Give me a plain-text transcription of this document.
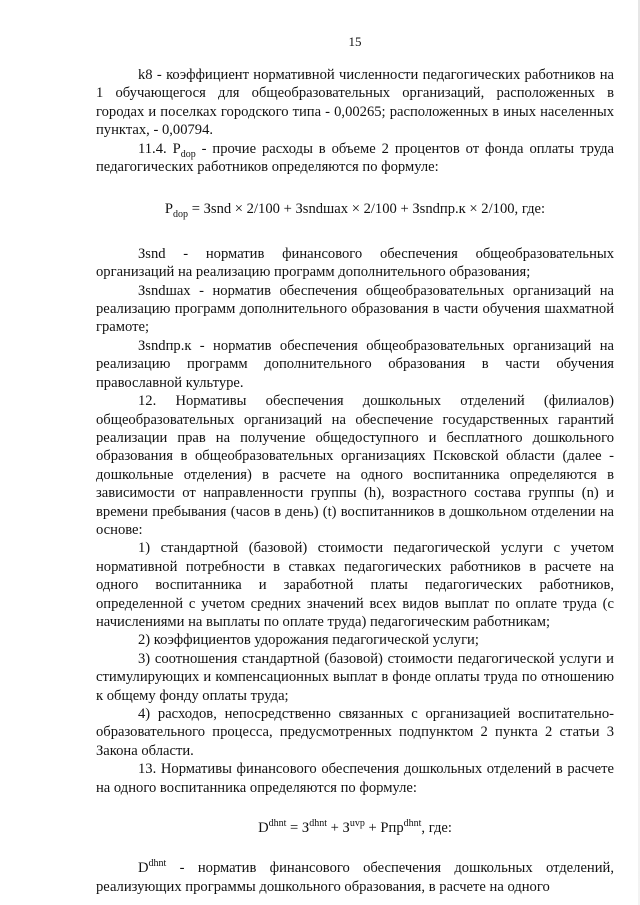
15

k8 - коэффициент нормативной численности педагогических работников на 1 обучающегося для общеобразовательных организаций, расположенных в городах и поселках городского типа - 0,00265; расположенных в иных населенных пунктах, - 0,00794.

11.4. $P_{dop}$ - прочие расходы в объеме 2 процентов от фонда оплаты труда педагогических работников определяются по формуле:

$P_{dop}$ = Зsnd × 2/100 + Зsndшах × 2/100 + Зsndпр.к × 2/100, где:

Зsnd - норматив финансового обеспечения общеобразовательных организаций на реализацию программ дополнительного образования;

Зsndшах - норматив обеспечения общеобразовательных организаций на реализацию программ дополнительного образования в части обучения шахматной грамоте;

Зsndпр.к - норматив обеспечения общеобразовательных организаций на реализацию программ дополнительного образования в части обучения православной культуре.

12. Нормативы обеспечения дошкольных отделений (филиалов) общеобразовательных организаций на обеспечение государственных гарантий реализации прав на получение общедоступного и бесплатного дошкольного образования в общеобразовательных организациях Псковской области (далее - дошкольные отделения) в расчете на одного воспитанника определяются в зависимости от направленности группы (h), возрастного состава группы (n) и времени пребывания (часов в день) (t) воспитанников в дошкольном отделении на основе:

1) стандартной (базовой) стоимости педагогической услуги с учетом нормативной потребности в ставках педагогических работников в расчете на одного воспитанника и заработной платы педагогических работников, определенной с учетом средних значений всех видов выплат по оплате труда (с начислениями на выплаты по оплате труда) педагогическим работникам;

2) коэффициентов удорожания педагогической услуги;

3) соотношения стандартной (базовой) стоимости педагогической услуги и стимулирующих и компенсационных выплат в фонде оплаты труда по отношению к общему фонду оплаты труда;

4) расходов, непосредственно связанных с организацией воспитательно-образовательного процесса, предусмотренных подпунктом 2 пункта 2 статьи 3 Закона области.

13. Нормативы финансового обеспечения дошкольных отделений в расчете на одного воспитанника определяются по формуле:

$D^{dhnt} = З^{dhnt} + З^{uvp} + Рпр^{dhnt}$, где:

$D^{dhnt}$ - норматив финансового обеспечения дошкольных отделений, реализующих программы дошкольного образования, в расчете на одного
